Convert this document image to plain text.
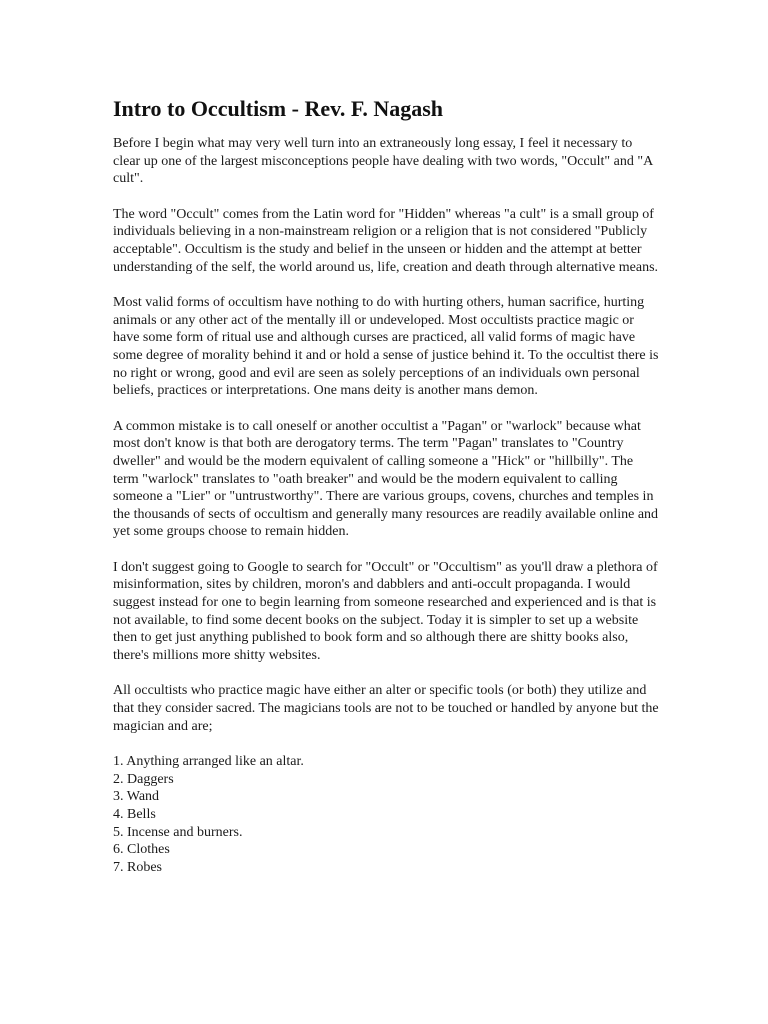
Intro to Occultism - Rev. F. Nagash

Before I begin what may very well turn into an extraneously long essay, I feel it necessary to clear up one of the largest misconceptions people have dealing with two words, "Occult" and "A cult".

The word "Occult" comes from the Latin word for "Hidden" whereas "a cult" is a small group of individuals believing in a non-mainstream religion or a religion that is not considered "Publicly acceptable". Occultism is the study and belief in the unseen or hidden and the attempt at better understanding of the self, the world around us, life, creation and death through alternative means.

Most valid forms of occultism have nothing to do with hurting others, human sacrifice, hurting animals or any other act of the mentally ill or undeveloped. Most occultists practice magic or have some form of ritual use and although curses are practiced, all valid forms of magic have some degree of morality behind it and or hold a sense of justice behind it. To the occultist there is no right or wrong, good and evil are seen as solely perceptions of an individuals own personal beliefs, practices or interpretations. One mans deity is another mans demon.

A common mistake is to call oneself or another occultist a "Pagan" or "warlock" because what most don't know is that both are derogatory terms. The term "Pagan" translates to "Country dweller" and would be the modern equivalent of calling someone a "Hick" or "hillbilly". The term "warlock" translates to "oath breaker" and would be the modern equivalent to calling someone a "Lier" or "untrustworthy". There are various groups, covens, churches and temples in the thousands of sects of occultism and generally many resources are readily available online and yet some groups choose to remain hidden.

I don't suggest going to Google to search for "Occult" or "Occultism" as you'll draw a plethora of misinformation, sites by children, moron's and dabblers and anti-occult propaganda. I would suggest instead for one to begin learning from someone researched and experienced and is that is not available, to find some decent books on the subject. Today it is simpler to set up a website then to get just anything published to book form and so although there are shitty books also, there's millions more shitty websites.

All occultists who practice magic have either an alter or specific tools (or both) they utilize and that they consider sacred. The magicians tools are not to be touched or handled by anyone but the magician and are;

1. Anything arranged like an altar.
2. Daggers
3. Wand
4. Bells
5. Incense and burners.
6. Clothes
7. Robes
